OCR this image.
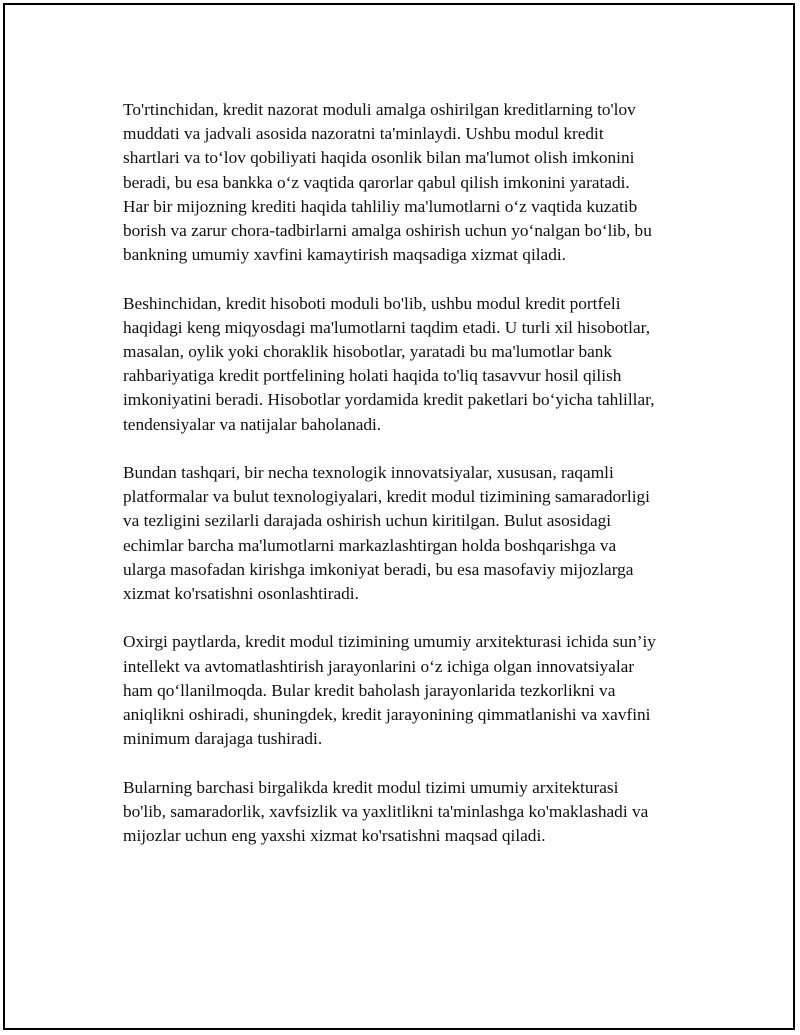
To'rtinchidan, kredit nazorat moduli amalga oshirilgan kreditlarning to'lov
muddati va jadvali asosida nazoratni ta'minlaydi. Ushbu modul kredit
shartlari va to‘lov qobiliyati haqida osonlik bilan ma'lumot olish imkonini
beradi, bu esa bankka o‘z vaqtida qarorlar qabul qilish imkonini yaratadi.
Har bir mijozning krediti haqida tahliliy ma'lumotlarni o‘z vaqtida kuzatib
borish va zarur chora-tadbirlarni amalga oshirish uchun yo‘nalgan bo‘lib, bu
bankning umumiy xavfini kamaytirish maqsadiga xizmat qiladi.

Beshinchidan, kredit hisoboti moduli bo'lib, ushbu modul kredit portfeli
haqidagi keng miqyosdagi ma'lumotlarni taqdim etadi. U turli xil hisobotlar,
masalan, oylik yoki choraklik hisobotlar, yaratadi bu ma'lumotlar bank
rahbariyatiga kredit portfelining holati haqida to'liq tasavvur hosil qilish
imkoniyatini beradi. Hisobotlar yordamida kredit paketlari bo‘yicha tahlillar,
tendensiyalar va natijalar baholanadi.

Bundan tashqari, bir necha texnologik innovatsiyalar, xususan, raqamli
platformalar va bulut texnologiyalari, kredit modul tizimining samaradorligi
va tezligini sezilarli darajada oshirish uchun kiritilgan. Bulut asosidagi
echimlar barcha ma'lumotlarni markazlashtirgan holda boshqarishga va
ularga masofadan kirishga imkoniyat beradi, bu esa masofaviy mijozlarga
xizmat ko'rsatishni osonlashtiradi.

Oxirgi paytlarda, kredit modul tizimining umumiy arxitekturasi ichida sun’iy
intellekt va avtomatlashtirish jarayonlarini o‘z ichiga olgan innovatsiyalar
ham qo‘llanilmoqda. Bular kredit baholash jarayonlarida tezkorlikni va
aniqlikni oshiradi, shuningdek, kredit jarayonining qimmatlanishi va xavfini
minimum darajaga tushiradi.

Bularning barchasi birgalikda kredit modul tizimi umumiy arxitekturasi
bo'lib, samaradorlik, xavfsizlik va yaxlitlikni ta'minlashga ko'maklashadi va
mijozlar uchun eng yaxshi xizmat ko'rsatishni maqsad qiladi.
